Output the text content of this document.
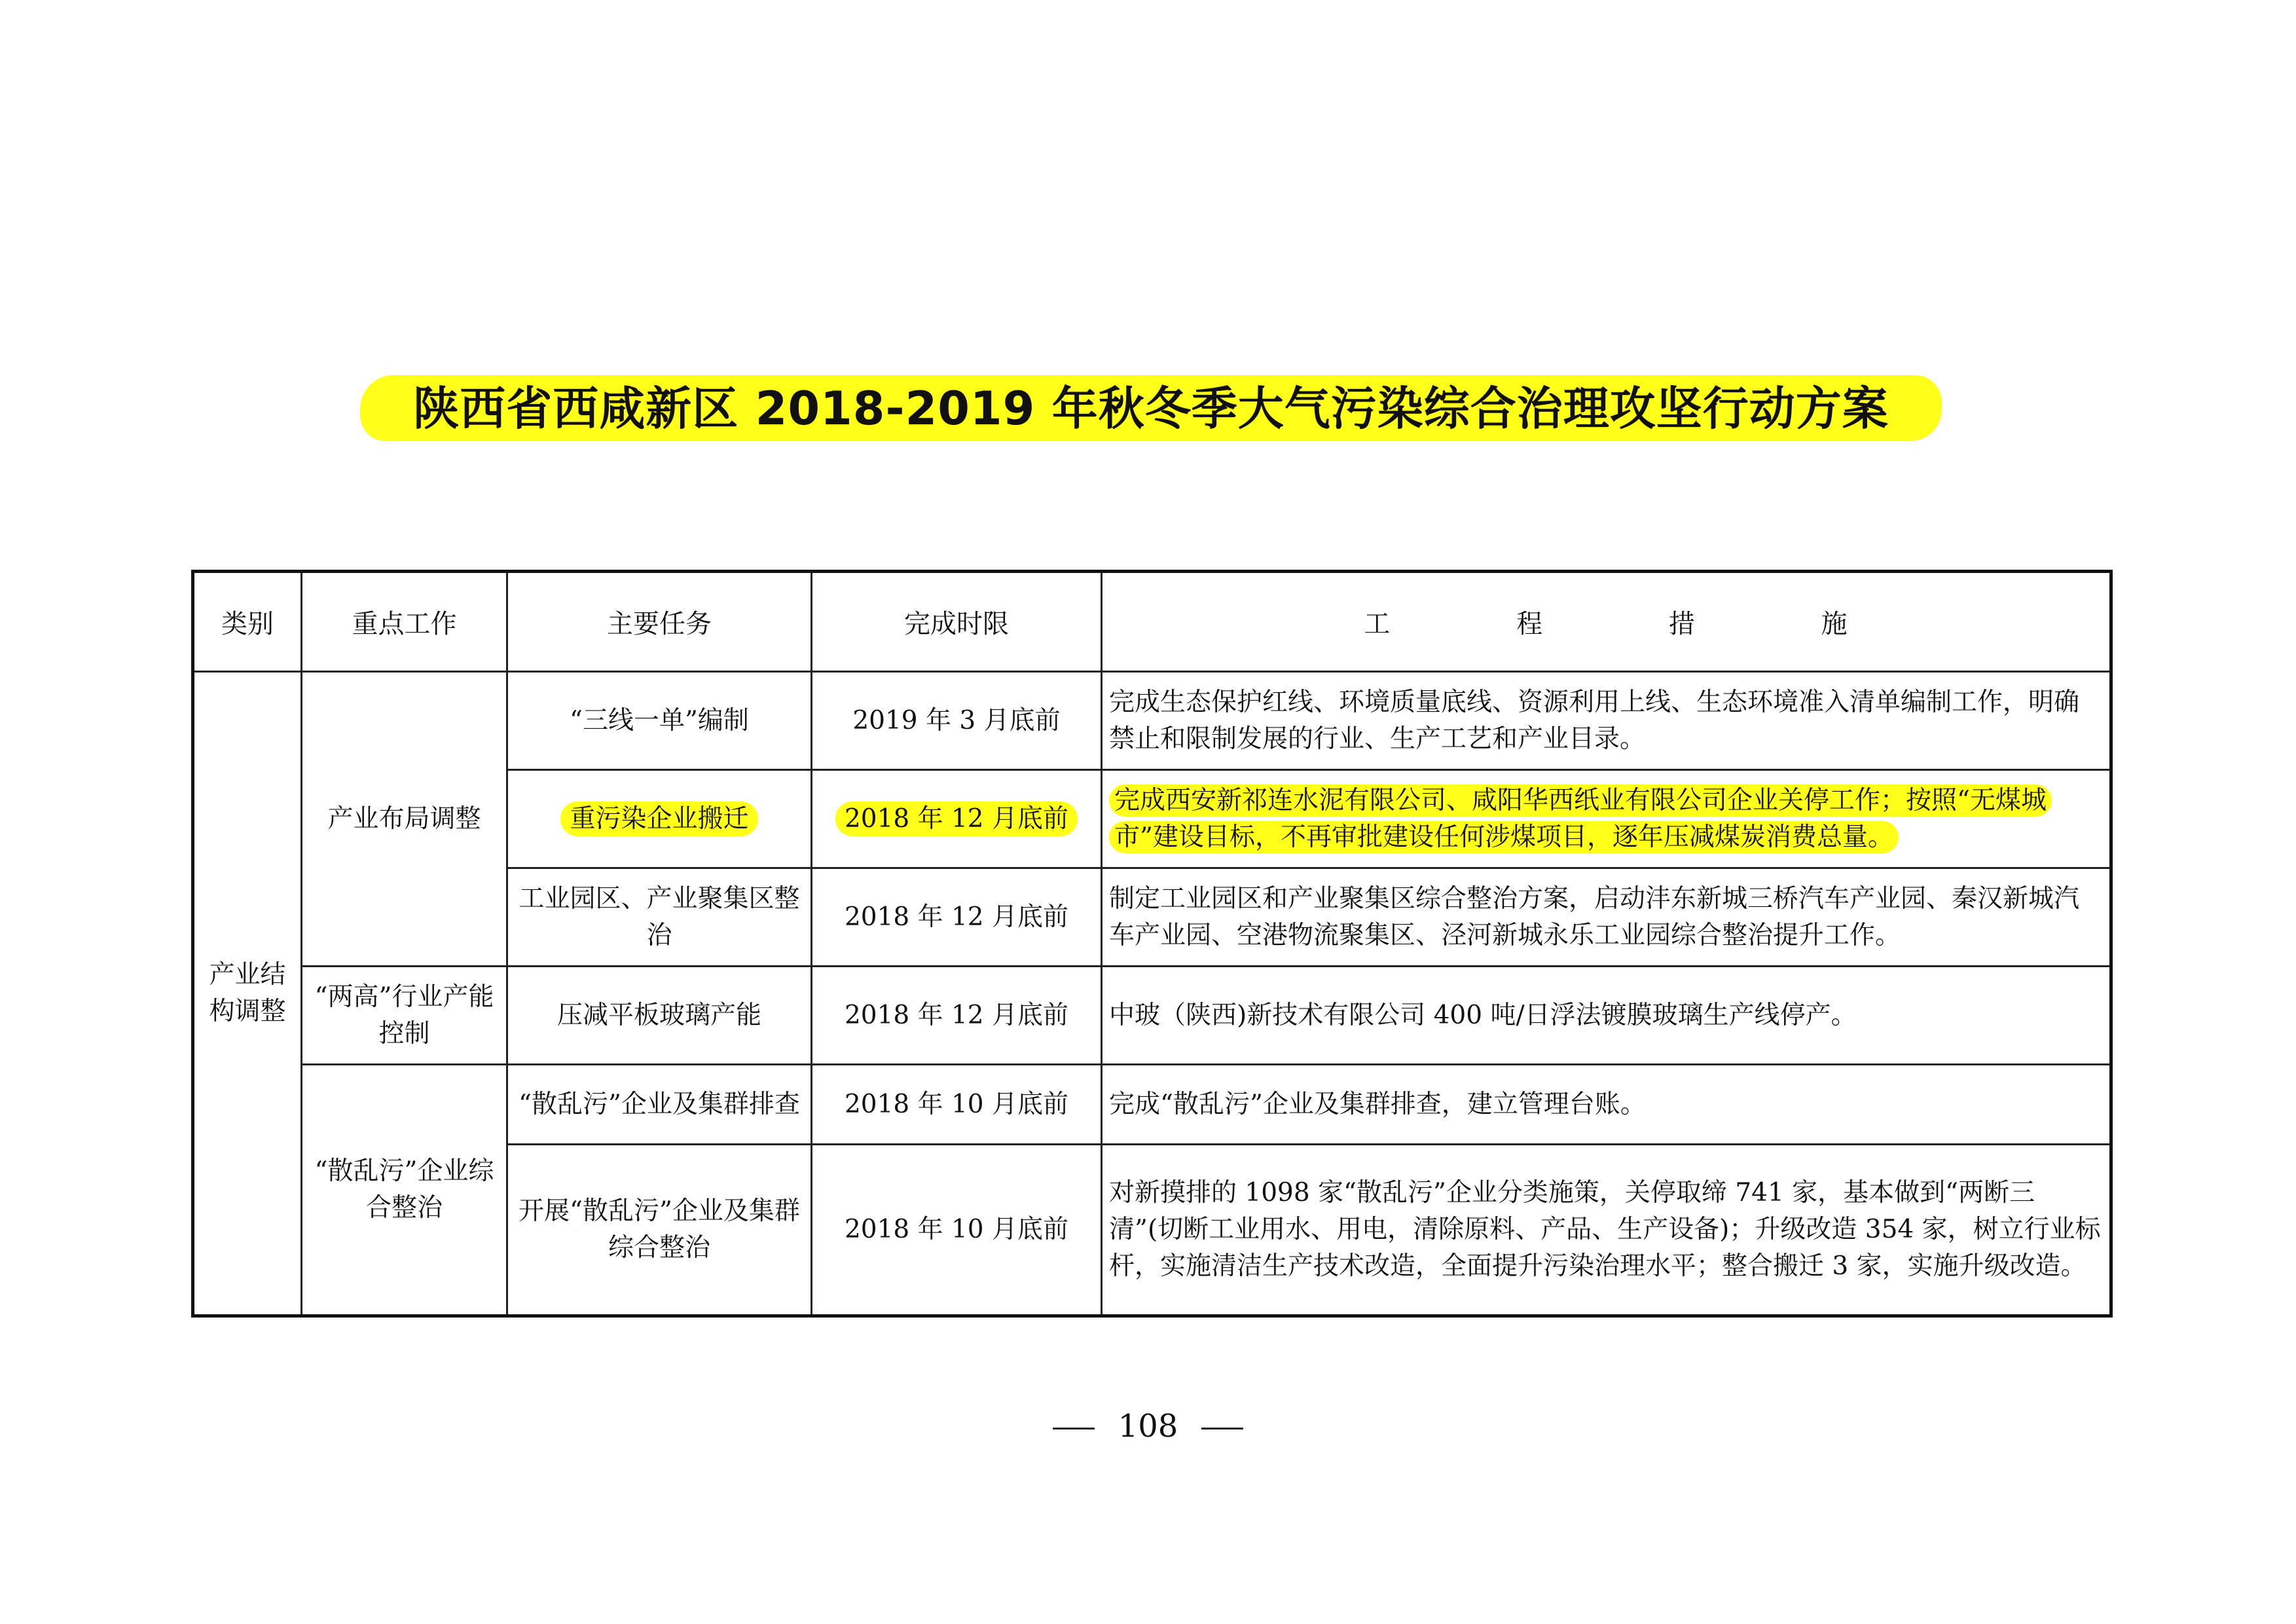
陕西省西咸新区 2018-2019 年秋冬季大气污染综合治理攻坚行动方案
类别	重点工作	主要任务	完成时限	工 程 措 施
产业结构调整	产业布局调整	“三线一单”编制	2019 年 3 月底前	完成生态保护红线、环境质量底线、资源利用上线、生态环境准入清单编制工作，明确禁止和限制发展的行业、生产工艺和产业目录。
		重污染企业搬迁	2018 年 12 月底前	完成西安新祁连水泥有限公司、咸阳华西纸业有限公司企业关停工作；按照“无煤城市”建设目标，不再审批建设任何涉煤项目，逐年压减煤炭消费总量。
		工业园区、产业聚集区整治	2018 年 12 月底前	制定工业园区和产业聚集区综合整治方案，启动沣东新城三桥汽车产业园、秦汉新城汽车产业园、空港物流聚集区、泾河新城永乐工业园综合整治提升工作。
	“两高”行业产能控制	压减平板玻璃产能	2018 年 12 月底前	中玻（陕西)新技术有限公司 400 吨/日浮法镀膜玻璃生产线停产。
	“散乱污”企业综合整治	“散乱污”企业及集群排查	2018 年 10 月底前	完成“散乱污”企业及集群排查，建立管理台账。
		开展“散乱污”企业及集群综合整治	2018 年 10 月底前	对新摸排的 1098 家“散乱污”企业分类施策，关停取缔 741 家，基本做到“两断三清”(切断工业用水、用电，清除原料、产品、生产设备)；升级改造 354 家，树立行业标杆，实施清洁生产技术改造，全面提升污染治理水平；整合搬迁 3 家，实施升级改造。
108
